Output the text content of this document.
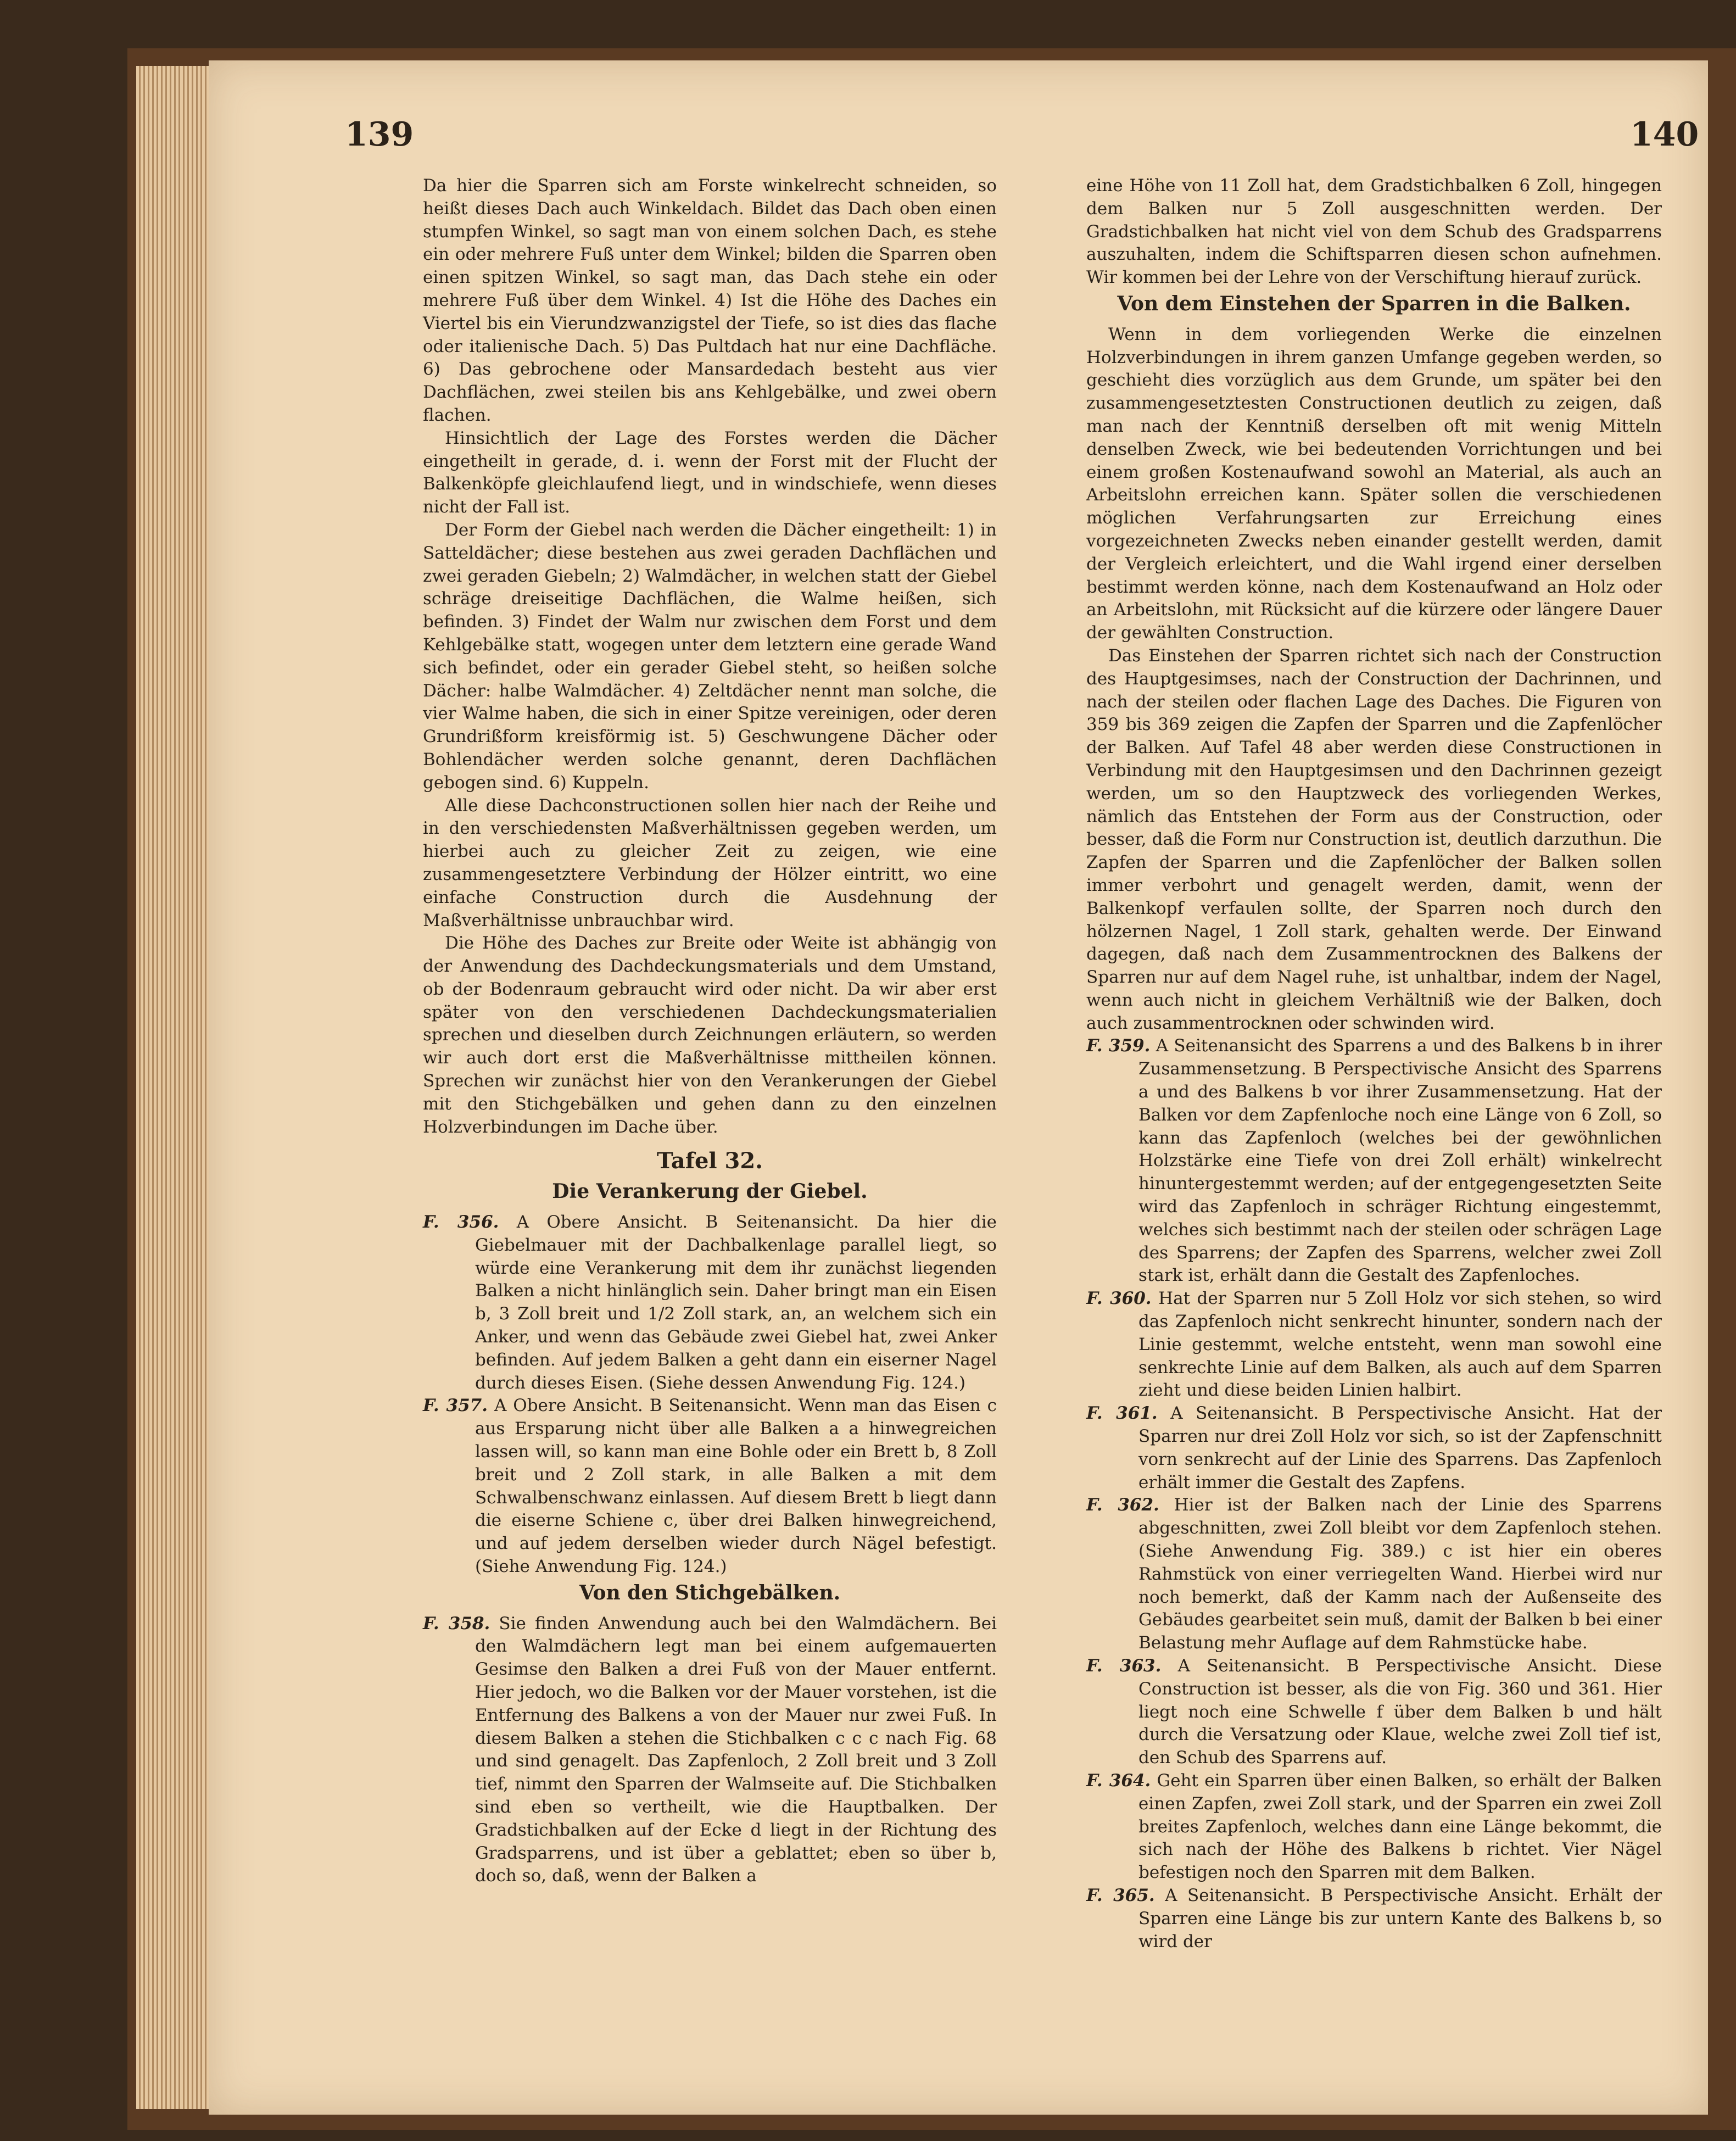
139	140

Da hier die Sparren sich am Forste winkelrecht schneiden, so heißt dieses Dach auch Winkeldach. Bildet das Dach oben einen stumpfen Winkel, so sagt man von einem solchen Dach, es stehe ein oder mehrere Fuß unter dem Winkel; bilden die Sparren oben einen spitzen Winkel, so sagt man, das Dach stehe ein oder mehrere Fuß über dem Winkel. 4) Ist die Höhe des Daches ein Viertel bis ein Vierundzwanzigstel der Tiefe, so ist dies das flache oder italienische Dach. 5) Das Pultdach hat nur eine Dachfläche. 6) Das gebrochene oder Mansardedach besteht aus vier Dachflächen, zwei steilen bis ans Kehlgebälke, und zwei obern flachen.

Hinsichtlich der Lage des Forstes werden die Dächer eingetheilt in gerade, d. i. wenn der Forst mit der Flucht der Balkenköpfe gleichlaufend liegt, und in windschiefe, wenn dieses nicht der Fall ist.

Der Form der Giebel nach werden die Dächer eingetheilt: 1) in Satteldächer; diese bestehen aus zwei geraden Dachflächen und zwei geraden Giebeln; 2) Walmdächer, in welchen statt der Giebel schräge dreiseitige Dachflächen, die Walme heißen, sich befinden. 3) Findet der Walm nur zwischen dem Forst und dem Kehlgebälke statt, wogegen unter dem letztern eine gerade Wand sich befindet, oder ein gerader Giebel steht, so heißen solche Dächer: halbe Walmdächer. 4) Zeltdächer nennt man solche, die vier Walme haben, die sich in einer Spitze vereinigen, oder deren Grundrißform kreisförmig ist. 5) Geschwungene Dächer oder Bohlendächer werden solche genannt, deren Dachflächen gebogen sind. 6) Kuppeln.

Alle diese Dachconstructionen sollen hier nach der Reihe und in den verschiedensten Maßverhältnissen gegeben werden, um hierbei auch zu gleicher Zeit zu zeigen, wie eine zusammengesetztere Verbindung der Hölzer eintritt, wo eine einfache Construction durch die Ausdehnung der Maßverhältnisse unbrauchbar wird.

Die Höhe des Daches zur Breite oder Weite ist abhängig von der Anwendung des Dachdeckungsmaterials und dem Umstand, ob der Bodenraum gebraucht wird oder nicht. Da wir aber erst später von den verschiedenen Dachdeckungsmaterialien sprechen und dieselben durch Zeichnungen erläutern, so werden wir auch dort erst die Maßverhältnisse mittheilen können. Sprechen wir zunächst hier von den Verankerungen der Giebel mit den Stichgebälken und gehen dann zu den einzelnen Holzverbindungen im Dache über.

Tafel 32.
Die Verankerung der Giebel.

F. 356. A Obere Ansicht. B Seitenansicht. Da hier die Giebelmauer mit der Dachbalkenlage parallel liegt, so würde eine Verankerung mit dem ihr zunächst liegenden Balken a nicht hinlänglich sein. Daher bringt man ein Eisen b, 3 Zoll breit und 1/2 Zoll stark, an, an welchem sich ein Anker, und wenn das Gebäude zwei Giebel hat, zwei Anker befinden. Auf jedem Balken a geht dann ein eiserner Nagel durch dieses Eisen. (Siehe dessen Anwendung Fig. 124.)

F. 357. A Obere Ansicht. B Seitenansicht. Wenn man das Eisen c aus Ersparung nicht über alle Balken a a hinwegreichen lassen will, so kann man eine Bohle oder ein Brett b, 8 Zoll breit und 2 Zoll stark, in alle Balken a mit dem Schwalbenschwanz einlassen. Auf diesem Brett b liegt dann die eiserne Schiene c, über drei Balken hinwegreichend, und auf jedem derselben wieder durch Nägel befestigt. (Siehe Anwendung Fig. 124.)

Von den Stichgebälken.

F. 358. Sie finden Anwendung auch bei den Walmdächern. Bei den Walmdächern legt man bei einem aufgemauerten Gesimse den Balken a drei Fuß von der Mauer entfernt. Hier jedoch, wo die Balken vor der Mauer vorstehen, ist die Entfernung des Balkens a von der Mauer nur zwei Fuß. In diesem Balken a stehen die Stichbalken c c c nach Fig. 68 und sind genagelt. Das Zapfenloch, 2 Zoll breit und 3 Zoll tief, nimmt den Sparren der Walmseite auf. Die Stichbalken sind eben so vertheilt, wie die Hauptbalken. Der Gradstichbalken auf der Ecke d liegt in der Richtung des Gradsparrens, und ist über a geblattet; eben so über b, doch so, daß, wenn der Balken a

eine Höhe von 11 Zoll hat, dem Gradstichbalken 6 Zoll, hingegen dem Balken nur 5 Zoll ausgeschnitten werden. Der Gradstichbalken hat nicht viel von dem Schub des Gradsparrens auszuhalten, indem die Schiftsparren diesen schon aufnehmen. Wir kommen bei der Lehre von der Verschiftung hierauf zurück.

Von dem Einstehen der Sparren in die Balken.

Wenn in dem vorliegenden Werke die einzelnen Holzverbindungen in ihrem ganzen Umfange gegeben werden, so geschieht dies vorzüglich aus dem Grunde, um später bei den zusammengesetztesten Constructionen deutlich zu zeigen, daß man nach der Kenntniß derselben oft mit wenig Mitteln denselben Zweck, wie bei bedeutenden Vorrichtungen und bei einem großen Kostenaufwand sowohl an Material, als auch an Arbeitslohn erreichen kann. Später sollen die verschiedenen möglichen Verfahrungsarten zur Erreichung eines vorgezeichneten Zwecks neben einander gestellt werden, damit der Vergleich erleichtert, und die Wahl irgend einer derselben bestimmt werden könne, nach dem Kostenaufwand an Holz oder an Arbeitslohn, mit Rücksicht auf die kürzere oder längere Dauer der gewählten Construction.

Das Einstehen der Sparren richtet sich nach der Construction des Hauptgesimses, nach der Construction der Dachrinnen, und nach der steilen oder flachen Lage des Daches. Die Figuren von 359 bis 369 zeigen die Zapfen der Sparren und die Zapfenlöcher der Balken. Auf Tafel 48 aber werden diese Constructionen in Verbindung mit den Hauptgesimsen und den Dachrinnen gezeigt werden, um so den Hauptzweck des vorliegenden Werkes, nämlich das Entstehen der Form aus der Construction, oder besser, daß die Form nur Construction ist, deutlich darzuthun. Die Zapfen der Sparren und die Zapfenlöcher der Balken sollen immer verbohrt und genagelt werden, damit, wenn der Balkenkopf verfaulen sollte, der Sparren noch durch den hölzernen Nagel, 1 Zoll stark, gehalten werde. Der Einwand dagegen, daß nach dem Zusammentrocknen des Balkens der Sparren nur auf dem Nagel ruhe, ist unhaltbar, indem der Nagel, wenn auch nicht in gleichem Verhältniß wie der Balken, doch auch zusammentrocknen oder schwinden wird.

F. 359. A Seitenansicht des Sparrens a und des Balkens b in ihrer Zusammensetzung. B Perspectivische Ansicht des Sparrens a und des Balkens b vor ihrer Zusammensetzung. Hat der Balken vor dem Zapfenloche noch eine Länge von 6 Zoll, so kann das Zapfenloch (welches bei der gewöhnlichen Holzstärke eine Tiefe von drei Zoll erhält) winkelrecht hinuntergestemmt werden; auf der entgegengesetzten Seite wird das Zapfenloch in schräger Richtung eingestemmt, welches sich bestimmt nach der steilen oder schrägen Lage des Sparrens; der Zapfen des Sparrens, welcher zwei Zoll stark ist, erhält dann die Gestalt des Zapfenloches.

F. 360. Hat der Sparren nur 5 Zoll Holz vor sich stehen, so wird das Zapfenloch nicht senkrecht hinunter, sondern nach der Linie gestemmt, welche entsteht, wenn man sowohl eine senkrechte Linie auf dem Balken, als auch auf dem Sparren zieht und diese beiden Linien halbirt.

F. 361. A Seitenansicht. B Perspectivische Ansicht. Hat der Sparren nur drei Zoll Holz vor sich, so ist der Zapfenschnitt vorn senkrecht auf der Linie des Sparrens. Das Zapfenloch erhält immer die Gestalt des Zapfens.

F. 362. Hier ist der Balken nach der Linie des Sparrens abgeschnitten, zwei Zoll bleibt vor dem Zapfenloch stehen. (Siehe Anwendung Fig. 389.) c ist hier ein oberes Rahmstück von einer verriegelten Wand. Hierbei wird nur noch bemerkt, daß der Kamm nach der Außenseite des Gebäudes gearbeitet sein muß, damit der Balken b bei einer Belastung mehr Auflage auf dem Rahmstücke habe.

F. 363. A Seitenansicht. B Perspectivische Ansicht. Diese Construction ist besser, als die von Fig. 360 und 361. Hier liegt noch eine Schwelle f über dem Balken b und hält durch die Versatzung oder Klaue, welche zwei Zoll tief ist, den Schub des Sparrens auf.

F. 364. Geht ein Sparren über einen Balken, so erhält der Balken einen Zapfen, zwei Zoll stark, und der Sparren ein zwei Zoll breites Zapfenloch, welches dann eine Länge bekommt, die sich nach der Höhe des Balkens b richtet. Vier Nägel befestigen noch den Sparren mit dem Balken.

F. 365. A Seitenansicht. B Perspectivische Ansicht. Erhält der Sparren eine Länge bis zur untern Kante des Balkens b, so wird der
